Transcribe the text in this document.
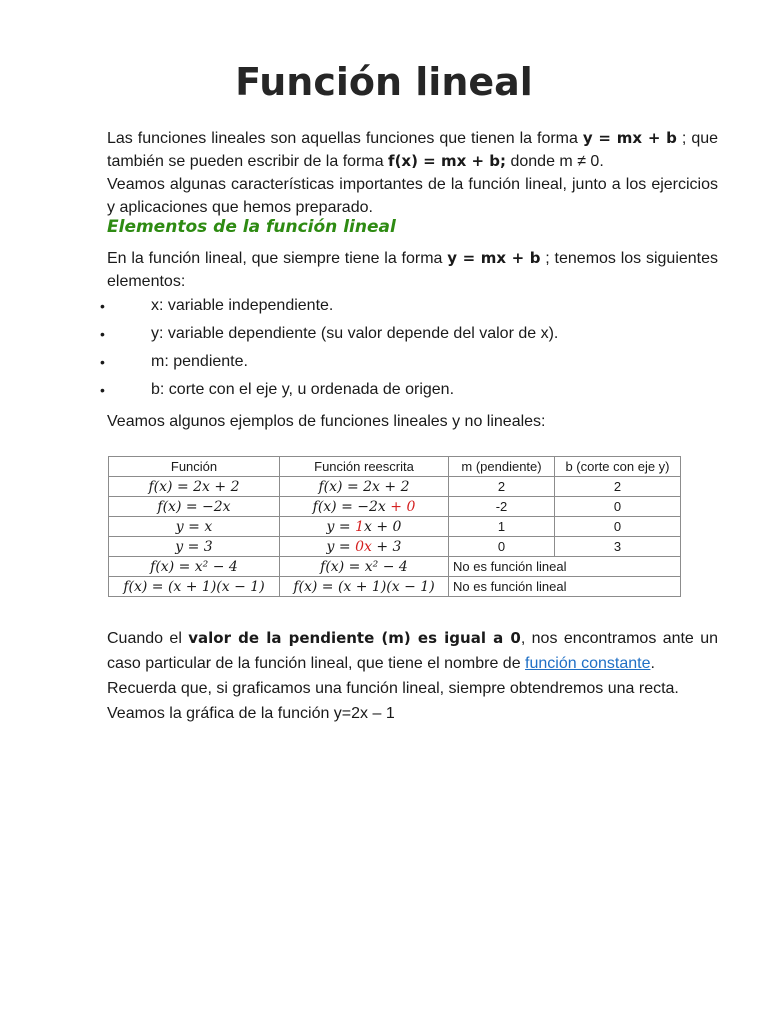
Función lineal

Las funciones lineales son aquellas funciones que tienen la forma y = mx + b ; que también se pueden escribir de la forma f(x) = mx + b; donde m ≠ 0.
Veamos algunas características importantes de la función lineal, junto a los ejercicios y aplicaciones que hemos preparado.

Elementos de la función lineal

En la función lineal, que siempre tiene la forma y = mx + b ; tenemos los siguientes elementos:

•	x: variable independiente.
•	y: variable dependiente (su valor depende del valor de x).
•	m: pendiente.
•	b: corte con el eje y, u ordenada de origen.

Veamos algunos ejemplos de funciones lineales y no lineales:

Función	Función reescrita	m (pendiente)	b (corte con eje y)
f(x) = 2x + 2	f(x) = 2x + 2	2	2
f(x) = −2x	f(x) = −2x + 0	-2	0
y = x	y = 1x + 0	1	0
y = 3	y = 0x + 3	0	3
f(x) = x² − 4	f(x) = x² − 4	No es función lineal	
f(x) = (x + 1)(x − 1)	f(x) = (x + 1)(x − 1)	No es función lineal	

Cuando el valor de la pendiente (m) es igual a 0, nos encontramos ante un caso particular de la función lineal, que tiene el nombre de función constante.
Recuerda que, si graficamos una función lineal, siempre obtendremos una recta.
Veamos la gráfica de la función y=2x – 1
